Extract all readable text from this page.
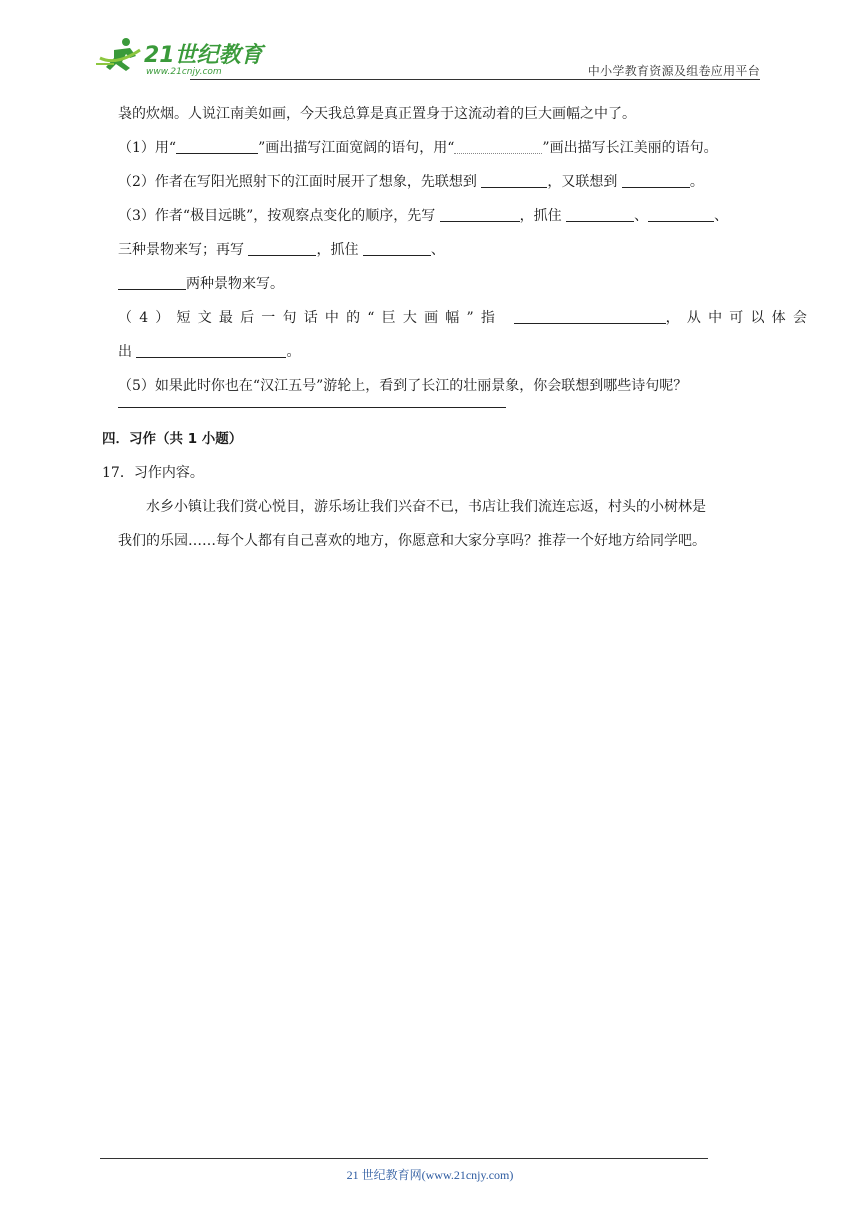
21世纪教育
www.21cnjy.com	中小学教育资源及组卷应用平台
袅的炊烟。人说江南美如画，今天我总算是真正置身于这流动着的巨大画幅之中了。
（1）用“	”画出描写江面宽阔的语句，用“	”画出描写长江美丽的语句。
（2）作者在写阳光照射下的江面时展开了想象，先联想到	，又联想到	。
（3）作者“极目远眺”，按观察点变化的顺序，先写	，抓住	、	、
三种景物来写；再写	，抓住	、
两种景物来写。
（4）短文最后一句话中的“巨大画幅”指	，从中可以体会
出	。
（5）如果此时你也在“汉江五号”游轮上，看到了长江的壮丽景象，你会联想到哪些诗句呢？
四．习作（共 1 小题）
17．习作内容。
水乡小镇让我们赏心悦目，游乐场让我们兴奋不已，书店让我们流连忘返，村头的小树林是
我们的乐园……每个人都有自己喜欢的地方，你愿意和大家分享吗？推荐一个好地方给同学吧。
21 世纪教育网(www.21cnjy.com)
